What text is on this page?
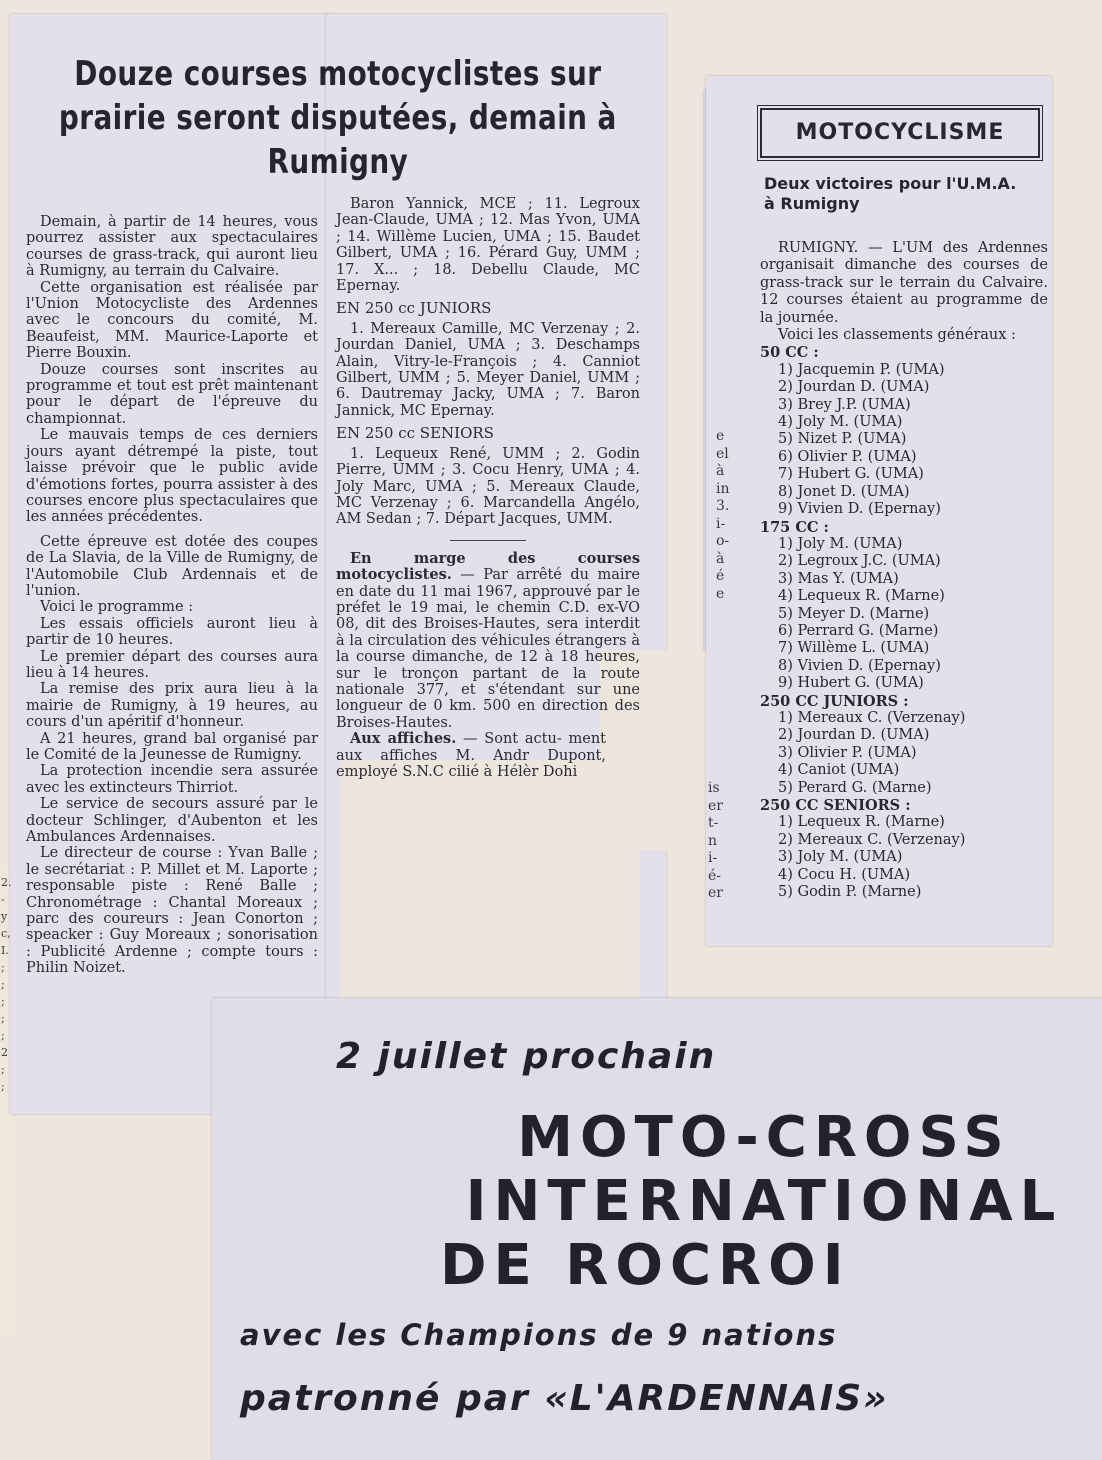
2.
-
y
c,
I.
;
;
;
;
;
2
;
;
Douze courses motocyclistes sur prairie seront disputées, demain à Rumigny

Demain, à partir de 14 heures, vous pourrez assister aux spectaculaires courses de grass-track, qui auront lieu à Rumigny, au terrain du Calvaire.

Cette organisation est réalisée par l'Union Motocycliste des Ardennes avec le concours du comité, M. Beaufeist, MM. Maurice-Laporte et Pierre Bouxin.

Douze courses sont inscrites au programme et tout est prêt maintenant pour le départ de l'épreuve du championnat.

Le mauvais temps de ces derniers jours ayant détrempé la piste, tout laisse prévoir que le public avide d'émotions fortes, pourra assister à des courses encore plus spectaculaires que les années précédentes.

Cette épreuve est dotée des coupes de La Slavia, de la Ville de Rumigny, de l'Automobile Club Ardennais et de l'union.

Voici le programme :

Les essais officiels auront lieu à partir de 10 heures.

Le premier départ des courses aura lieu à 14 heures.

La remise des prix aura lieu à la mairie de Rumigny, à 19 heures, au cours d'un apéritif d'honneur.

A 21 heures, grand bal organisé par le Comité de la Jeunesse de Rumigny.

La protection incendie sera assurée avec les extincteurs Thirriot.

Le service de secours assuré par le docteur Schlinger, d'Aubenton et les Ambulances Ardennaises.

Le directeur de course : Yvan Balle ; le secrétariat : P. Millet et M. Laporte ; responsable piste : René Balle ; Chronométrage : Chantal Moreaux ; parc des coureurs : Jean Conorton ; speacker : Guy Moreaux ; sonorisation : Publicité Ardenne ; compte tours : Philin Noizet.

Baron Yannick, MCE ; 11. Legroux Jean-Claude, UMA ; 12. Mas Yvon, UMA ; 14. Willème Lucien, UMA ; 15. Baudet Gilbert, UMA ; 16. Pérard Guy, UMM ; 17. X... ; 18. Debellu Claude, MC Epernay.

EN 250 cc JUNIORS

1. Mereaux Camille, MC Verzenay ; 2. Jourdan Daniel, UMA ; 3. Deschamps Alain, Vitry-le-François ; 4. Canniot Gilbert, UMM ; 5. Meyer Daniel, UMM ; 6. Dautremay Jacky, UMA ; 7. Baron Jannick, MC Epernay.

EN 250 cc SENIORS

1. Lequeux René, UMM ; 2. Godin Pierre, UMM ; 3. Cocu Henry, UMA ; 4. Joly Marc, UMA ; 5. Mereaux Claude, MC Verzenay ; 6. Marcandella Angélo, AM Sedan ; 7. Départ Jacques, UMM.

En marge des courses motocyclistes. — Par arrêté du maire en date du 11 mai 1967, approuvé par le préfet le 19 mai, le chemin C.D. ex-VO 08, dit des Broises-Hautes, sera interdit à la circulation des véhicules étrangers à la course dimanche, de 12 à 18 heures, sur le tronçon partant de la route nationale 377, et s'étendant sur une longueur de 0 km. 500 en direction des Broises-Hautes.

Aux affiches. — Sont actu- ment aux affiches M. Andr Dupont, employé S.N.C cilié à Hélèr Dohi

e
el
à
in
3.
i-
o-
à
é
e
is
er
t-
n
i-
é-
er
MOTOCYCLISME
Deux victoires pour l'U.M.A. à Rumigny

RUMIGNY. — L'UM des Ardennes organisait dimanche des courses de grass-track sur le terrain du Calvaire. 12 courses étaient au programme de la journée.

Voici les classements généraux :

50 CC :

1) Jacquemin P. (UMA)

2) Jourdan D. (UMA)

3) Brey J.P. (UMA)

4) Joly M. (UMA)

5) Nizet P. (UMA)

6) Olivier P. (UMA)

7) Hubert G. (UMA)

8) Jonet D. (UMA)

9) Vivien D. (Epernay)

175 CC :

1) Joly M. (UMA)

2) Legroux J.C. (UMA)

3) Mas Y. (UMA)

4) Lequeux R. (Marne)

5) Meyer D. (Marne)

6) Perrard G. (Marne)

7) Willème L. (UMA)

8) Vivien D. (Epernay)

9) Hubert G. (UMA)

250 CC JUNIORS :

1) Mereaux C. (Verzenay)

2) Jourdan D. (UMA)

3) Olivier P. (UMA)

4) Caniot (UMA)

5) Perard G. (Marne)

250 CC SENIORS :

1) Lequeux R. (Marne)

2) Mereaux C. (Verzenay)

3) Joly M. (UMA)

4) Cocu H. (UMA)

5) Godin P. (Marne)

2 juillet prochain
MOTO-CROSS
INTERNATIONAL
DE ROCROI
avec les Champions de 9 nations
patronné par «L'ARDENNAIS»
